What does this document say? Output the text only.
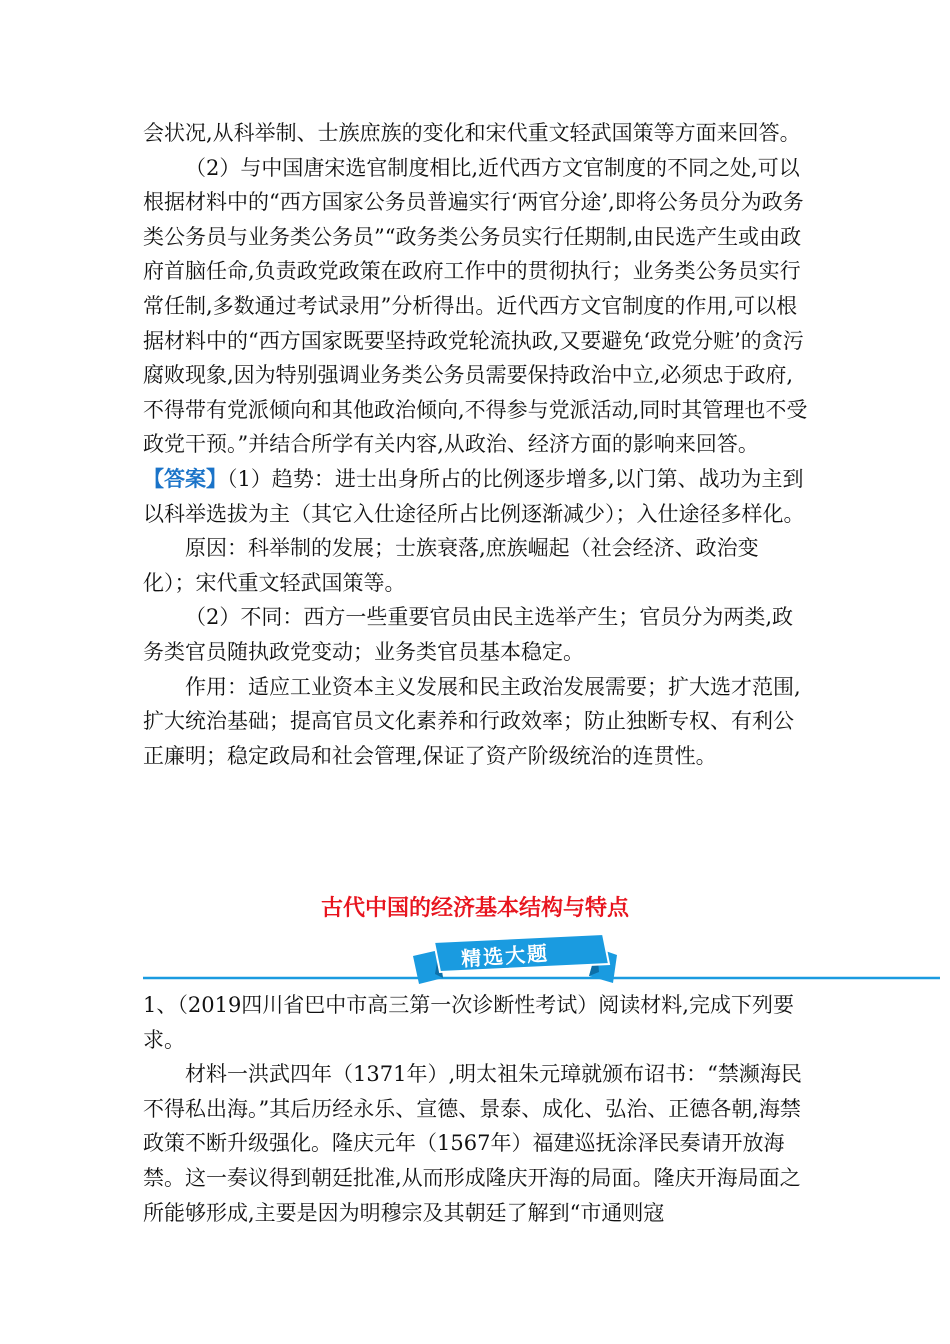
会状况,从科举制、士族庶族的变化和宋代重文轻武国策等方面来回答。

（2）与中国唐宋选官制度相比,近代西方文官制度的不同之处,可以根据材料中的“西方国家公务员普遍实行‘两官分途’,即将公务员分为政务类公务员与业务类公务员”“政务类公务员实行任期制,由民选产生或由政府首脑任命,负责政党政策在政府工作中的贯彻执行；业务类公务员实行常任制,多数通过考试录用”分析得出。近代西方文官制度的作用,可以根据材料中的“西方国家既要坚持政党轮流执政,又要避免‘政党分赃’的贪污腐败现象,因为特别强调业务类公务员需要保持政治中立,必须忠于政府,不得带有党派倾向和其他政治倾向,不得参与党派活动,同时其管理也不受政党干预。”并结合所学有关内容,从政治、经济方面的影响来回答。

【答案】（1）趋势：进士出身所占的比例逐步增多,以门第、战功为主到以科举选拔为主（其它入仕途径所占比例逐渐减少）；入仕途径多样化。

原因：科举制的发展；士族衰落,庶族崛起（社会经济、政治变化）；宋代重文轻武国策等。

（2）不同：西方一些重要官员由民主选举产生；官员分为两类,政务类官员随执政党变动；业务类官员基本稳定。

作用：适应工业资本主义发展和民主政治发展需要；扩大选才范围,扩大统治基础；提高官员文化素养和行政效率；防止独断专权、有利公正廉明；稳定政局和社会管理,保证了资产阶级统治的连贯性。

古代中国的经济基本结构与特点
精选大题

1、（2019四川省巴中市高三第一次诊断性考试）阅读材料,完成下列要求。

材料一洪武四年（1371年）,明太祖朱元璋就颁布诏书：“禁濒海民不得私出海。”其后历经永乐、宣德、景泰、成化、弘治、正德各朝,海禁政策不断升级强化。隆庆元年（1567年）福建巡抚涂泽民奏请开放海禁。这一奏议得到朝廷批准,从而形成隆庆开海的局面。隆庆开海局面之所能够形成,主要是因为明穆宗及其朝廷了解到“市通则寇
